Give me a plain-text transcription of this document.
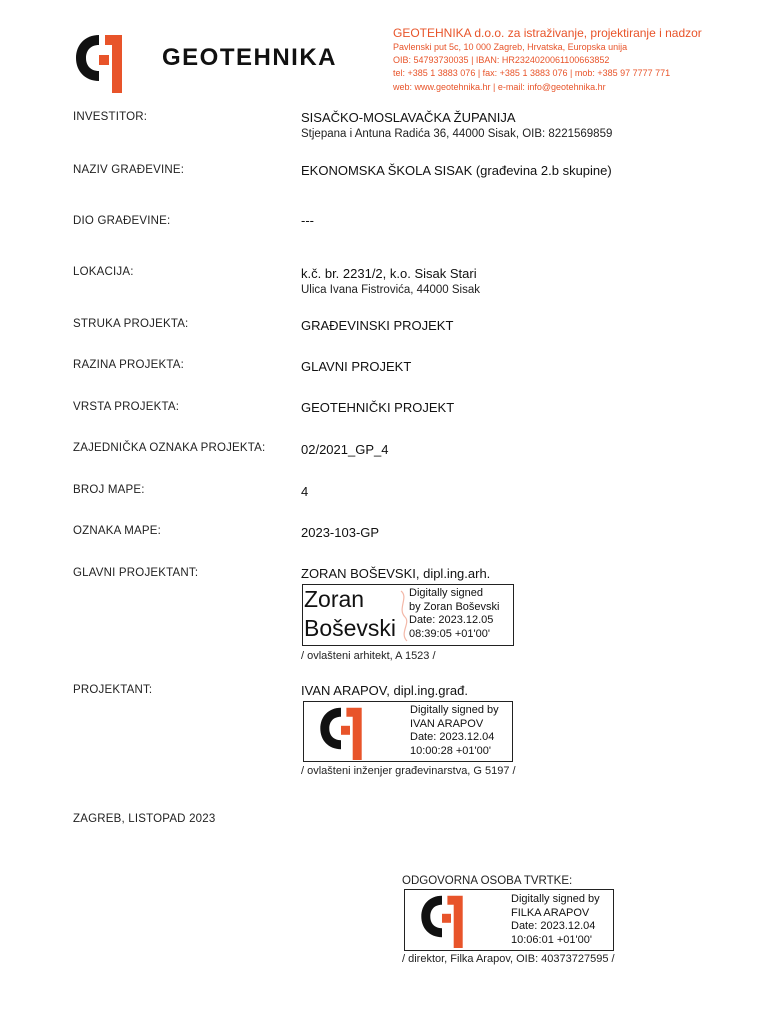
GEOTEHNIKA
GEOTEHNIKA d.o.o. za istraživanje, projektiranje i nadzor
Pavlenski put 5c, 10 000 Zagreb, Hrvatska, Europska unija
OIB: 54793730035 | IBAN: HR2324020061100663852
tel: +385 1 3883 076 | fax: +385 1 3883 076 | mob: +385 97 7777 771
web: www.geotehnika.hr | e-mail: info@geotehnika.hr
INVESTITOR:	SISAČKO-MOSLAVAČKA ŽUPANIJA
Stjepana i Antuna Radića 36, 44000 Sisak, OIB: 8221569859
NAZIV GRAĐEVINE:	EKONOMSKA ŠKOLA SISAK (građevina 2.b skupine)
DIO GRAĐEVINE:	---
LOKACIJA:	k.č. br. 2231/2, k.o. Sisak Stari
Ulica Ivana Fistrovića, 44000 Sisak
STRUKA PROJEKTA:	GRAĐEVINSKI PROJEKT
RAZINA PROJEKTA:	GLAVNI PROJEKT
VRSTA PROJEKTA:	GEOTEHNIČKI PROJEKT
ZAJEDNIČKA OZNAKA PROJEKTA:	02/2021_GP_4
BROJ MAPE:	4
OZNAKA MAPE:	2023-103-GP
GLAVNI PROJEKTANT:	ZORAN BOŠEVSKI, dipl.ing.arh.
Zoran
Boševski
Digitally signed
by Zoran Boševski
Date: 2023.12.05
08:39:05 +01'00'
/ ovlašteni arhitekt, A 1523 /
PROJEKTANT:	IVAN ARAPOV, dipl.ing.građ.
Digitally signed by
IVAN ARAPOV
Date: 2023.12.04
10:00:28 +01'00'
/ ovlašteni inženjer građevinarstva, G 5197 /
ZAGREB, LISTOPAD 2023
ODGOVORNA OSOBA TVRTKE:
Digitally signed by
FILKA ARAPOV
Date: 2023.12.04
10:06:01 +01'00'
/ direktor, Filka Arapov, OIB: 40373727595 /
